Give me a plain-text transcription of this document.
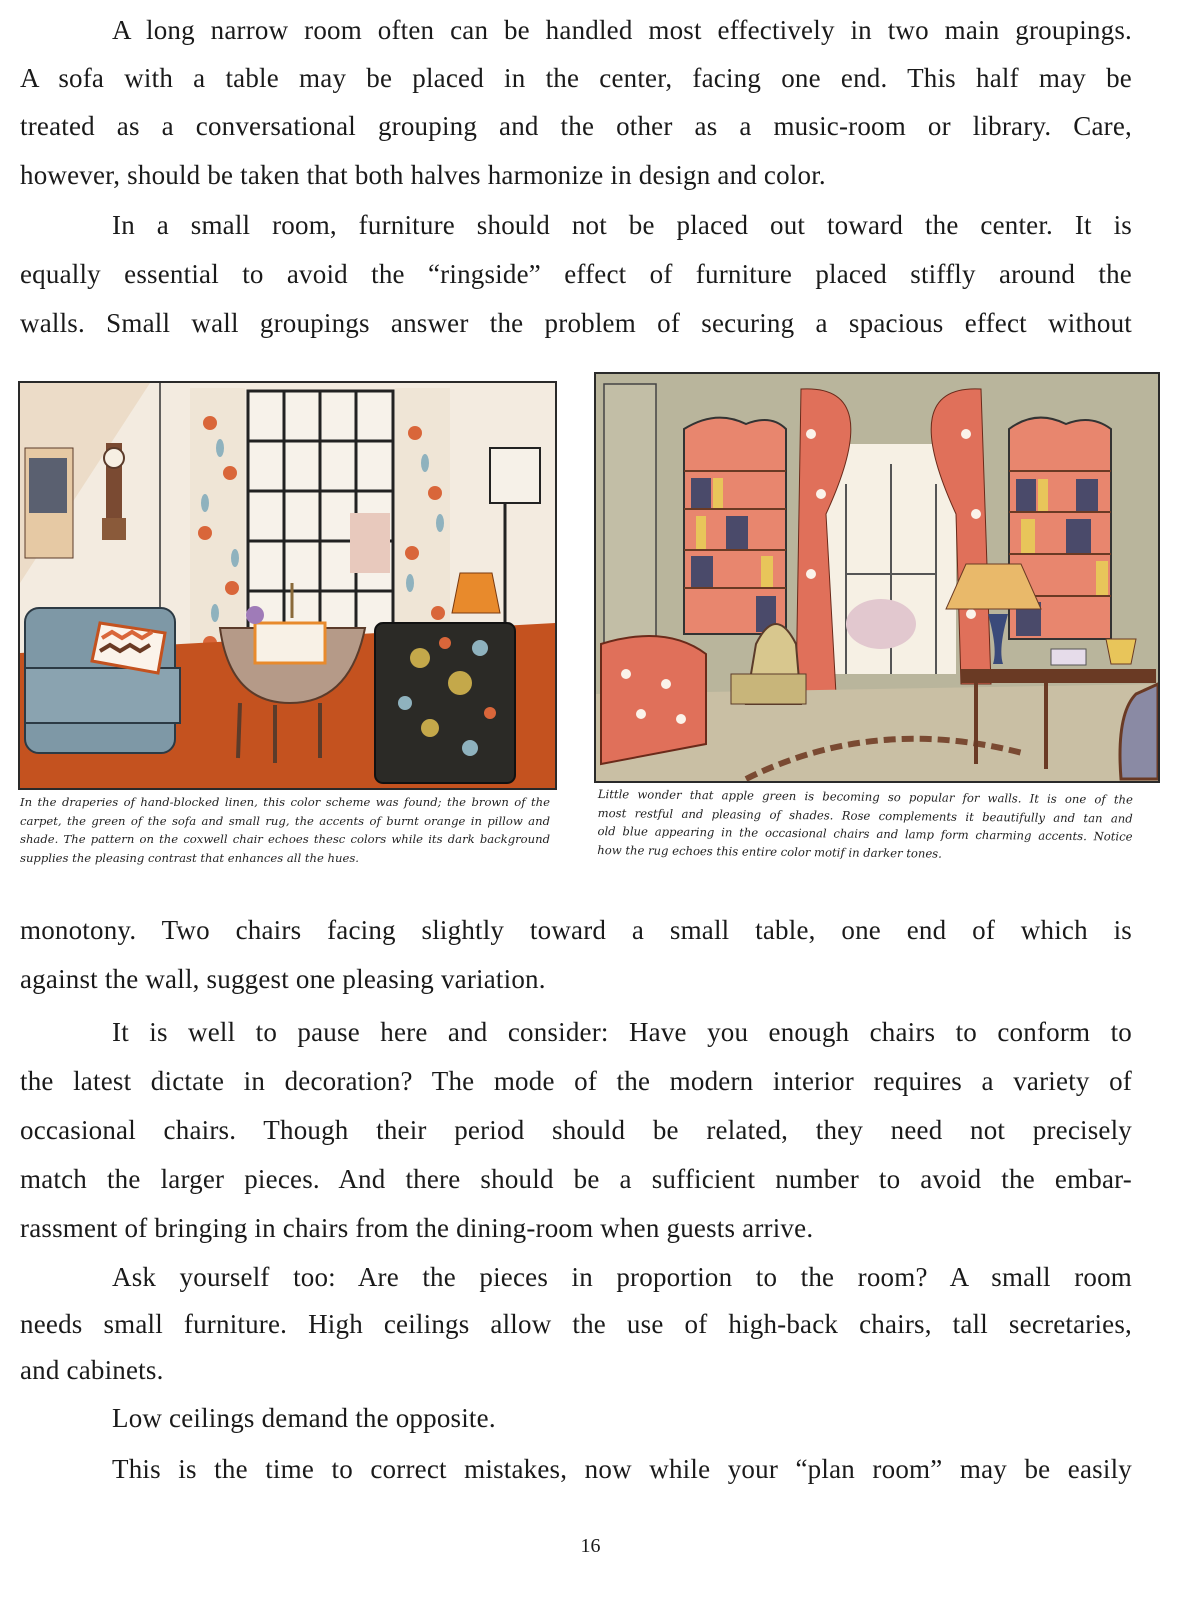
A long narrow room often can be handled most effectively in two main groupings.
A sofa with a table may be placed in the center, facing one end. This half may be
treated as a conversational grouping and the other as a music-room or library. Care,
however, should be taken that both halves harmonize in design and color.
In a small room, furniture should not be placed out toward the center. It is
equally essential to avoid the “ringside” effect of furniture placed stiffly around the
walls. Small wall groupings answer the problem of securing a spacious effect without
In the draperies of hand-blocked linen, this color scheme was found; the brown of the
carpet, the green of the sofa and small rug, the accents of burnt orange in pillow and
shade. The pattern on the coxwell chair echoes thesc colors while its dark background
supplies the pleasing contrast that enhances all the hues.
Little wonder that apple green is becoming so popular for walls. It is one of the
most restful and pleasing of shades. Rose complements it beautifully and tan and
old blue appearing in the occasional chairs and lamp form charming accents. Notice
how the rug echoes this entire color motif in darker tones.
monotony. Two chairs facing slightly toward a small table, one end of which is
against the wall, suggest one pleasing variation.
It is well to pause here and consider: Have you enough chairs to conform to
the latest dictate in decoration? The mode of the modern interior requires a variety of
occasional chairs. Though their period should be related, they need not precisely
match the larger pieces. And there should be a sufficient number to avoid the embar-
rassment of bringing in chairs from the dining-room when guests arrive.
Ask yourself too: Are the pieces in proportion to the room? A small room
needs small furniture. High ceilings allow the use of high-back chairs, tall secretaries,
and cabinets.
Low ceilings demand the opposite.
This is the time to correct mistakes, now while your “plan room” may be easily
16
